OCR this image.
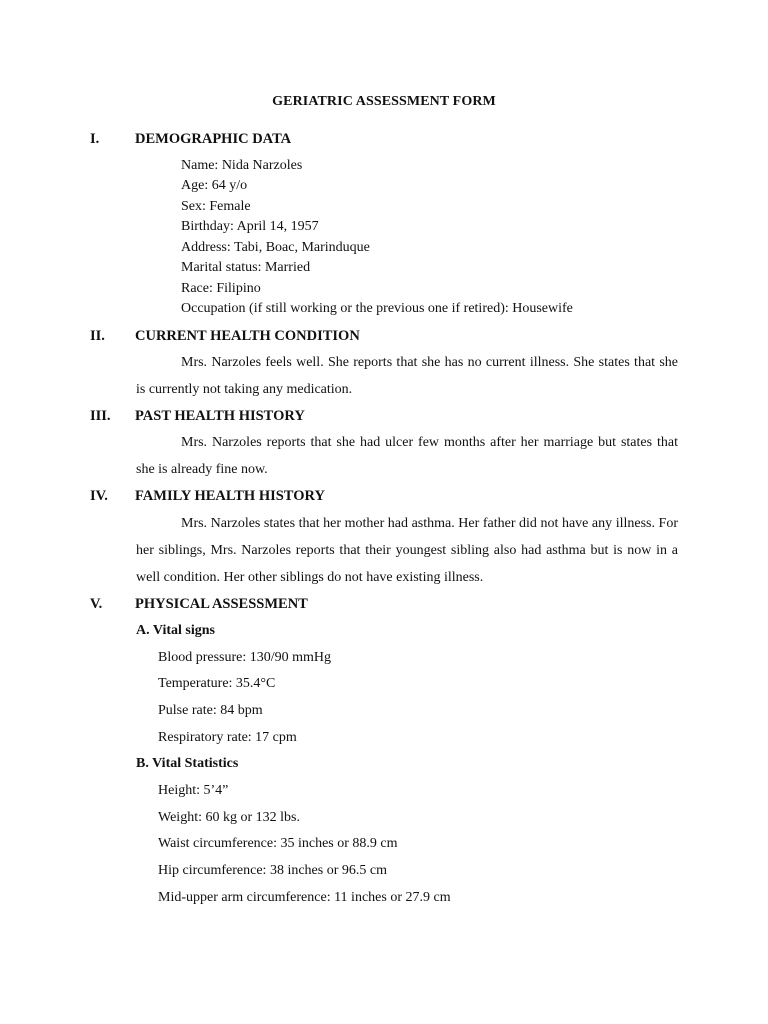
GERIATRIC ASSESSMENT FORM
I. DEMOGRAPHIC DATA
Name: Nida Narzoles
Age: 64 y/o
Sex: Female
Birthday: April 14, 1957
Address: Tabi, Boac, Marinduque
Marital status: Married
Race: Filipino
Occupation (if still working or the previous one if retired): Housewife
II. CURRENT HEALTH CONDITION
Mrs. Narzoles feels well. She reports that she has no current illness. She states that she is currently not taking any medication.
III. PAST HEALTH HISTORY
Mrs. Narzoles reports that she had ulcer few months after her marriage but states that she is already fine now.
IV. FAMILY HEALTH HISTORY
Mrs. Narzoles states that her mother had asthma. Her father did not have any illness. For her siblings, Mrs. Narzoles reports that their youngest sibling also had asthma but is now in a well condition. Her other siblings do not have existing illness.
V. PHYSICAL ASSESSMENT
A. Vital signs
Blood pressure: 130/90 mmHg
Temperature: 35.4°C
Pulse rate: 84 bpm
Respiratory rate: 17 cpm
B. Vital Statistics
Height: 5’4”
Weight: 60 kg or 132 lbs.
Waist circumference: 35 inches or 88.9 cm
Hip circumference: 38 inches or 96.5 cm
Mid-upper arm circumference: 11 inches or 27.9 cm
